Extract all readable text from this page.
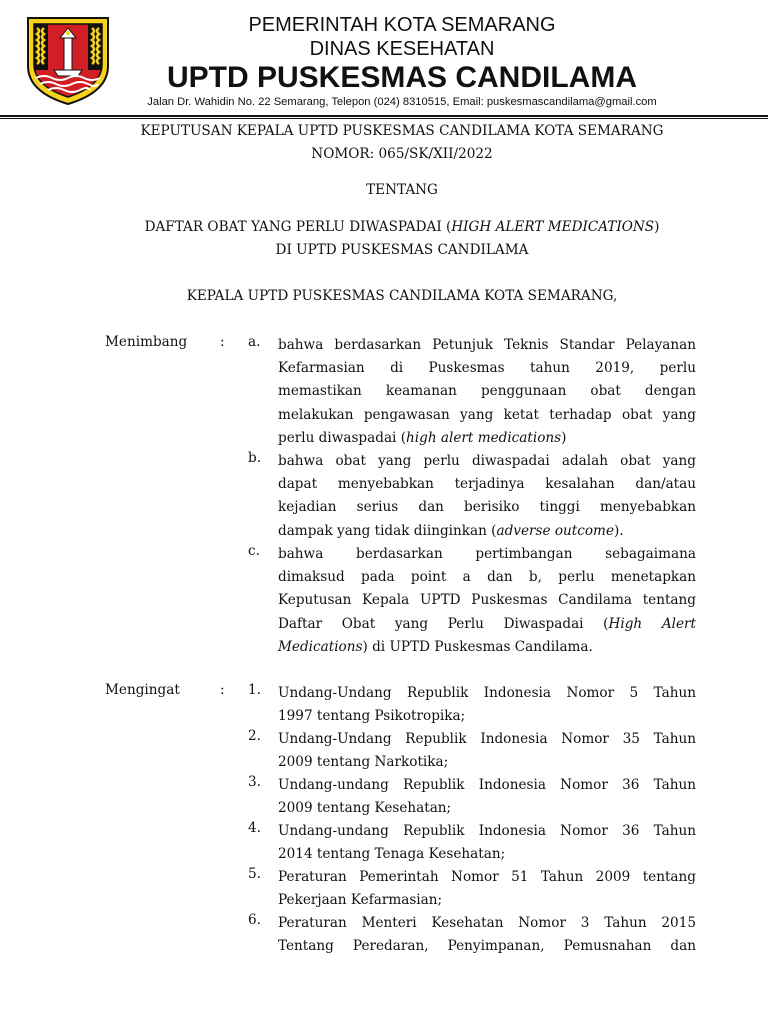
PEMERINTAH KOTA SEMARANG
DINAS KESEHATAN
UPTD PUSKESMAS CANDILAMA
Jalan Dr. Wahidin No. 22 Semarang, Telepon (024) 8310515, Email: puskesmascandilama@gmail.com
KEPUTUSAN KEPALA UPTD PUSKESMAS CANDILAMA KOTA SEMARANG
NOMOR: 065/SK/XII/2022
TENTANG
DAFTAR OBAT YANG PERLU DIWASPADAI (HIGH ALERT MEDICATIONS)
DI UPTD PUSKESMAS CANDILAMA
KEPALA UPTD PUSKESMAS CANDILAMA KOTA SEMARANG,
Menimbang : a. bahwa berdasarkan Petunjuk Teknis Standar Pelayanan
Kefarmasian di Puskesmas tahun 2019, perlu
memastikan keamanan penggunaan obat dengan
melakukan pengawasan yang ketat terhadap obat yang
perlu diwaspadai (high alert medications)
b. bahwa obat yang perlu diwaspadai adalah obat yang
dapat menyebabkan terjadinya kesalahan dan/atau
kejadian serius dan berisiko tinggi menyebabkan
dampak yang tidak diinginkan (adverse outcome).
c. bahwa berdasarkan pertimbangan sebagaimana
dimaksud pada point a dan b, perlu menetapkan
Keputusan Kepala UPTD Puskesmas Candilama tentang
Daftar Obat yang Perlu Diwaspadai (High Alert
Medications) di UPTD Puskesmas Candilama.
Mengingat	: 1. Undang-Undang Republik Indonesia Nomor 5 Tahun
1997 tentang Psikotropika;
2. Undang-Undang Republik Indonesia Nomor 35 Tahun
2009 tentang Narkotika;
3. Undang-undang Republik Indonesia Nomor 36 Tahun
2009 tentang Kesehatan;
4. Undang-undang Republik Indonesia Nomor 36 Tahun
2014 tentang Tenaga Kesehatan;
5. Peraturan Pemerintah Nomor 51 Tahun 2009 tentang
Pekerjaan Kefarmasian;
6. Peraturan Menteri Kesehatan Nomor 3 Tahun 2015
Tentang Peredaran, Penyimpanan, Pemusnahan dan
